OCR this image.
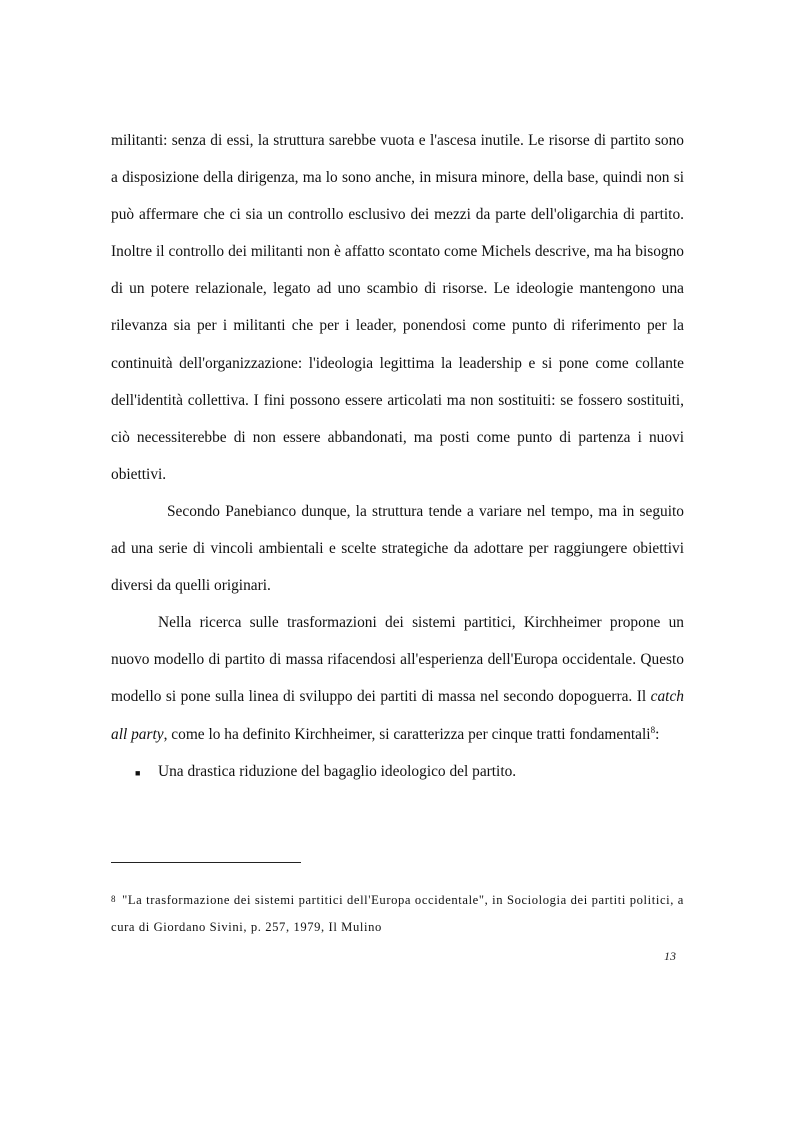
militanti: senza di essi, la struttura sarebbe vuota e l'ascesa inutile. Le risorse di partito sono a disposizione della dirigenza, ma lo sono anche, in misura minore, della base, quindi non si può affermare che ci sia un controllo esclusivo dei mezzi da parte dell'oligarchia di partito. Inoltre il controllo dei militanti non è affatto scontato come Michels descrive, ma ha bisogno di un potere relazionale, legato ad uno scambio di risorse. Le ideologie mantengono una rilevanza sia per i militanti che per i leader, ponendosi come punto di riferimento per la continuità dell'organizzazione: l'ideologia legittima la leadership e si pone come collante dell'identità collettiva. I fini possono essere articolati ma non sostituiti: se fossero sostituiti, ciò necessiterebbe di non essere abbandonati, ma posti come punto di partenza i nuovi obiettivi.

Secondo Panebianco dunque, la struttura tende a variare nel tempo, ma in seguito ad una serie di vincoli ambientali e scelte strategiche da adottare per raggiungere obiettivi diversi da quelli originari.

Nella ricerca sulle trasformazioni dei sistemi partitici, Kirchheimer propone un nuovo modello di partito di massa rifacendosi all'esperienza dell'Europa occidentale. Questo modello si pone sulla linea di sviluppo dei partiti di massa nel secondo dopoguerra. Il catch all party, come lo ha definito Kirchheimer, si caratterizza per cinque tratti fondamentali$^8$:

■	Una drastica riduzione del bagaglio ideologico del partito.
$^8$ "La trasformazione dei sistemi partitici dell'Europa occidentale", in Sociologia dei partiti politici, a cura di Giordano Sivini, p. 257, 1979, Il Mulino
13
